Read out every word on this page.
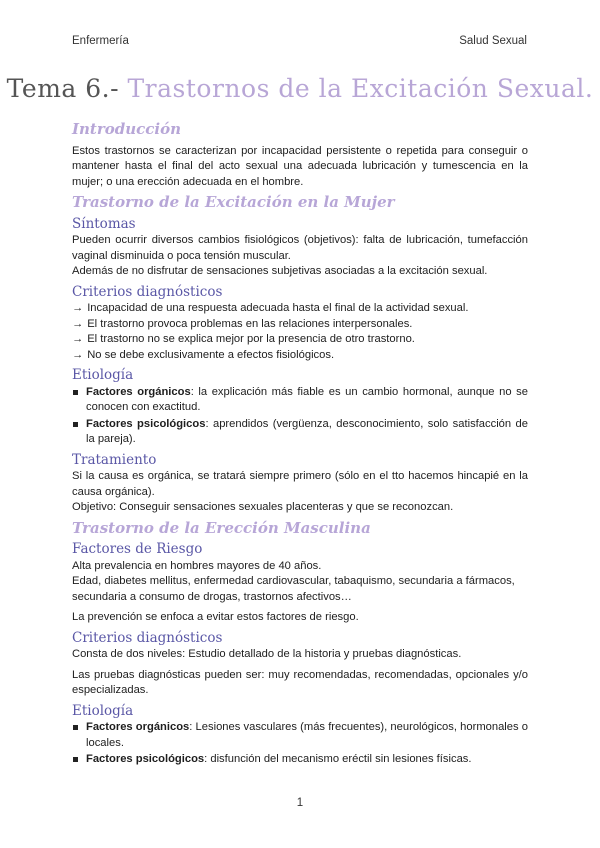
Enfermería	Salud Sexual
Tema 6.- Trastornos de la Excitación Sexual.
Introducción

Estos trastornos se caracterizan por incapacidad persistente o repetida para conseguir o mantener hasta el final del acto sexual una adecuada lubricación y tumescencia en la mujer; o una erección adecuada en el hombre.

Trastorno de la Excitación en la Mujer
Síntomas

Pueden ocurrir diversos cambios fisiológicos (objetivos): falta de lubricación, tumefacción vaginal disminuida o poca tensión muscular.

Además de no disfrutar de sensaciones subjetivas asociadas a la excitación sexual.

Criterios diagnósticos

→ Incapacidad de una respuesta adecuada hasta el final de la actividad sexual.

→ El trastorno provoca problemas en las relaciones interpersonales.

→ El trastorno no se explica mejor por la presencia de otro trastorno.

→ No se debe exclusivamente a efectos fisiológicos.

Etiología
Factores orgánicos: la explicación más fiable es un cambio hormonal, aunque no se conocen con exactitud.
Factores psicológicos: aprendidos (vergüenza, desconocimiento, solo satisfacción de la pareja).
Tratamiento

Si la causa es orgánica, se tratará siempre primero (sólo en el tto hacemos hincapié en la causa orgánica).

Objetivo: Conseguir sensaciones sexuales placenteras y que se reconozcan.

Trastorno de la Erección Masculina
Factores de Riesgo

Alta prevalencia en hombres mayores de 40 años.

Edad, diabetes mellitus, enfermedad cardiovascular, tabaquismo, secundaria a fármacos, secundaria a consumo de drogas, trastornos afectivos…

La prevención se enfoca a evitar estos factores de riesgo.

Criterios diagnósticos

Consta de dos niveles: Estudio detallado de la historia y pruebas diagnósticas.

Las pruebas diagnósticas pueden ser: muy recomendadas, recomendadas, opcionales y/o especializadas.

Etiología
Factores orgánicos: Lesiones vasculares (más frecuentes), neurológicos, hormonales o locales.
Factores psicológicos: disfunción del mecanismo eréctil sin lesiones físicas.
1
